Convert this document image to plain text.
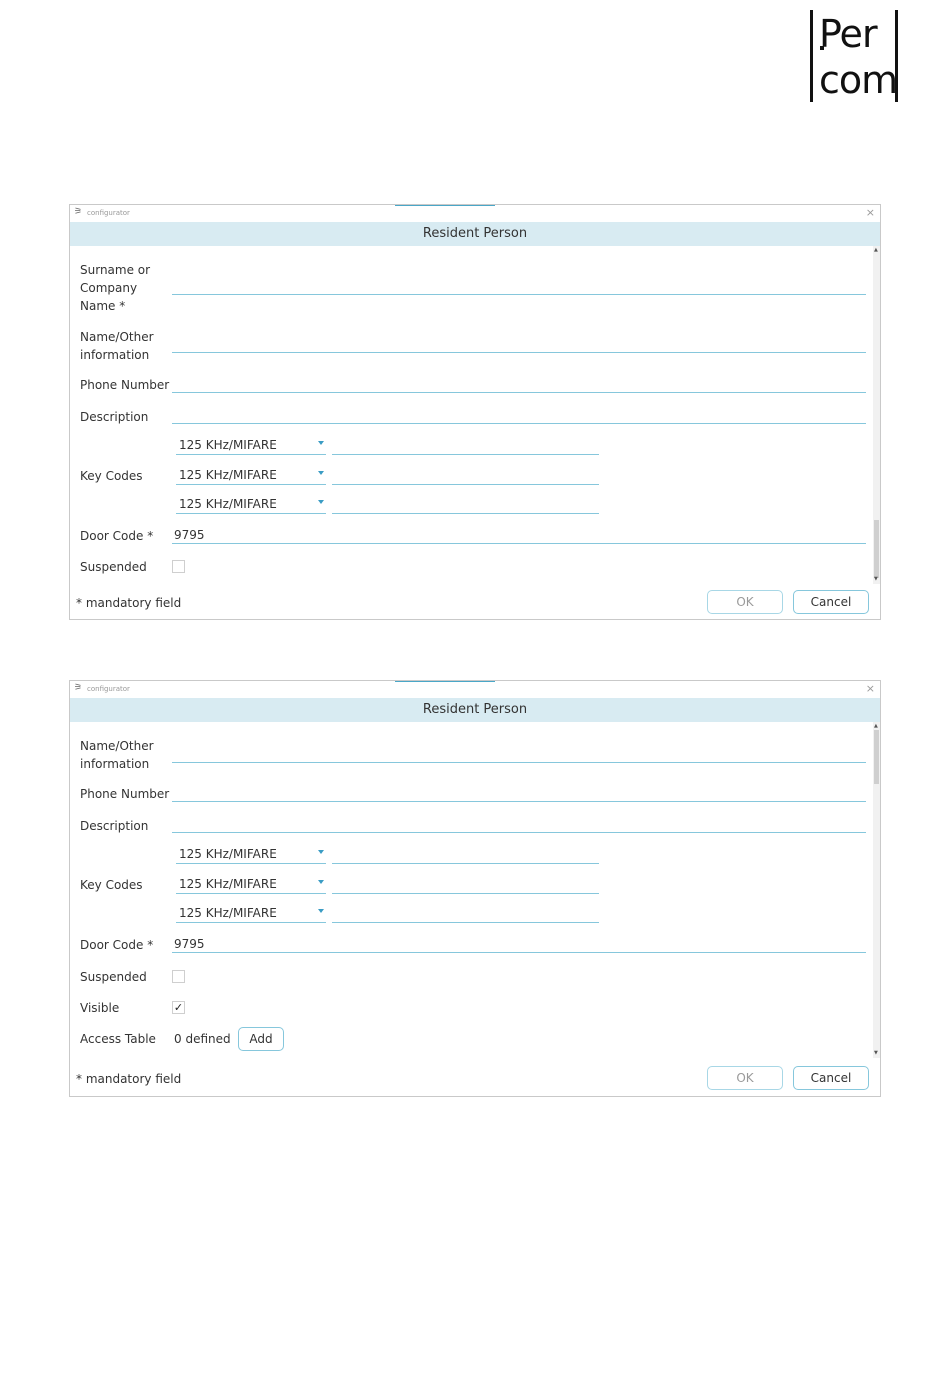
Per
com
⚞ configurator	×
Resident Person
Surname or Company Name *
Name/Other information
Phone Number
Description
125 KHz/MIFARE
Key Codes	125 KHz/MIFARE
125 KHz/MIFARE
Door Code * 9795
Suspended
▲
▼
* mandatory field	OK	Cancel
⚞ configurator	×
Resident Person
Name/Other information
Phone Number
Description
125 KHz/MIFARE
Key Codes	125 KHz/MIFARE
125 KHz/MIFARE
Door Code * 9795
Suspended
Visible	✓
Access Table 0 defined	Add
▲
▼
* mandatory field	OK	Cancel
